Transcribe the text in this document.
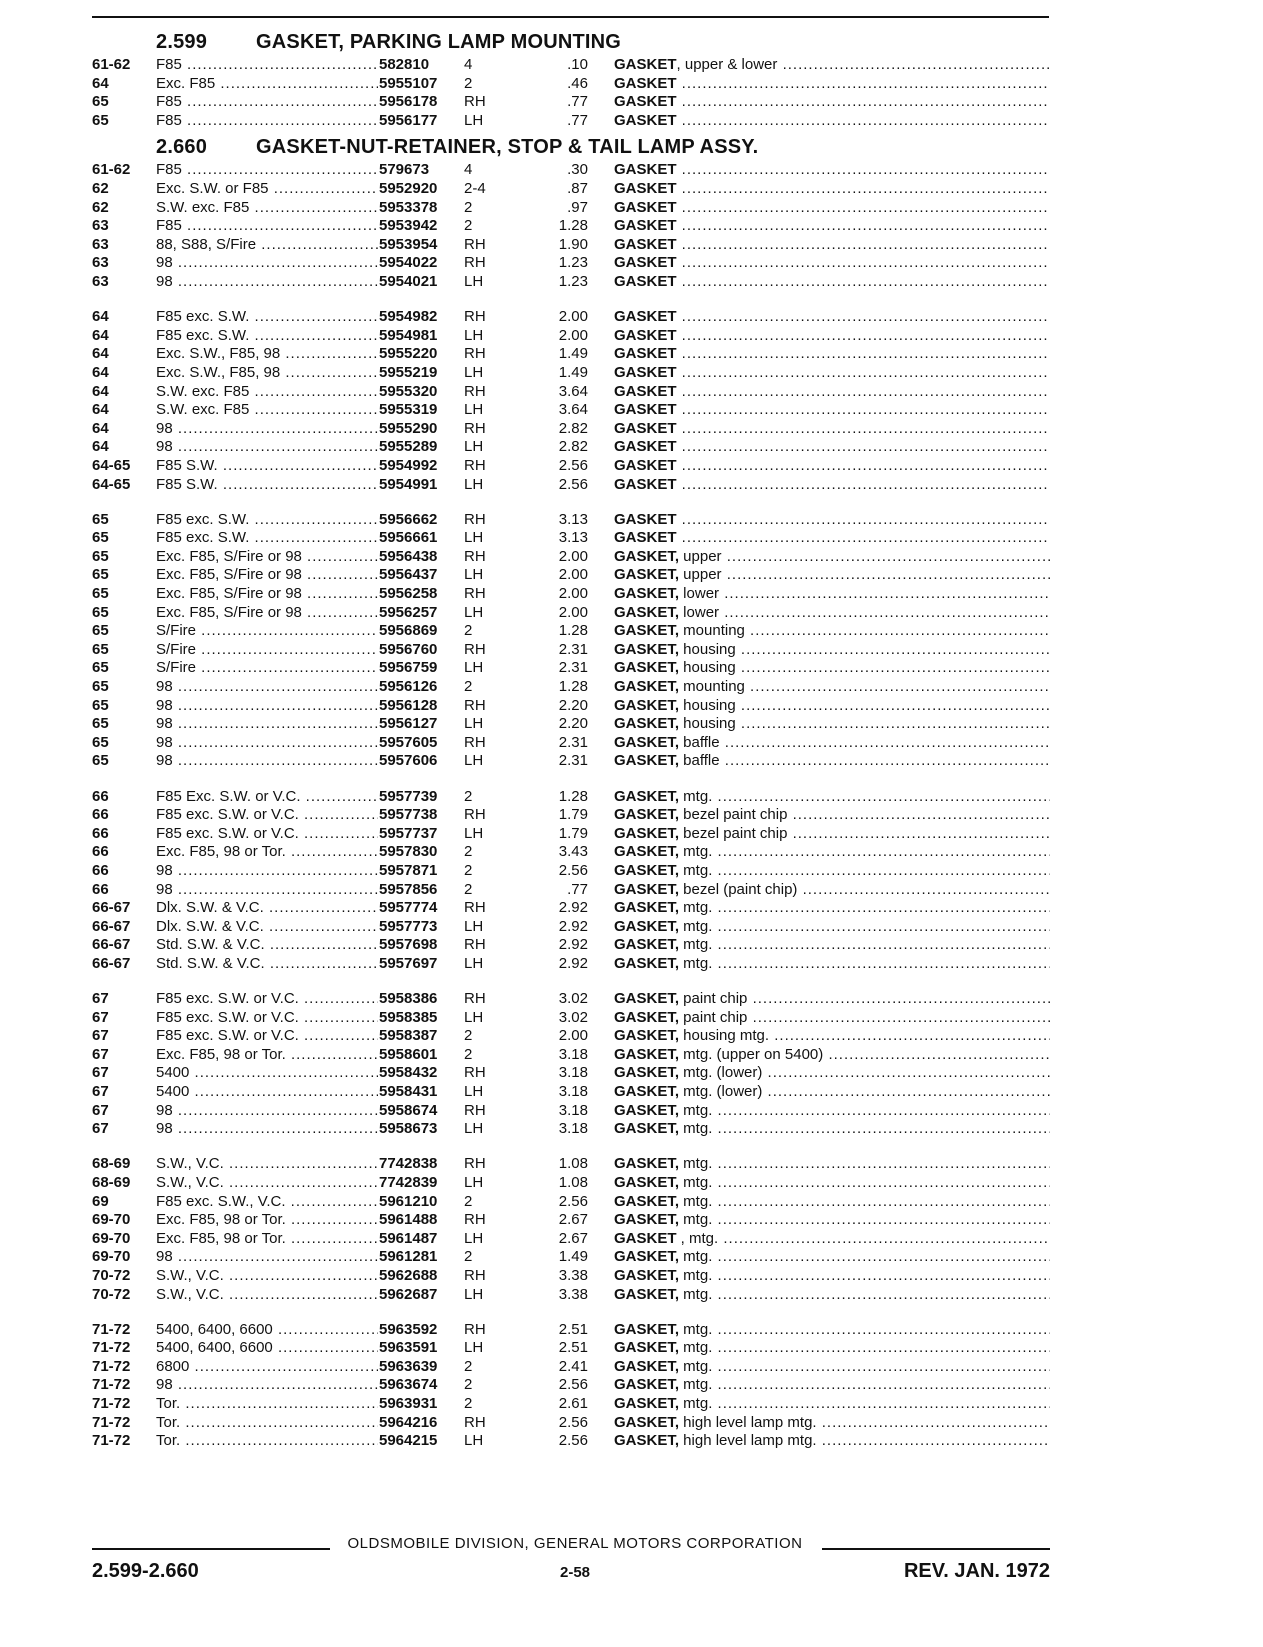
2.599 GASKET, PARKING LAMP MOUNTING
61-62	F85 .....	582810	4	.10 GASKET, upper & lower .....
64	Exc. F85 .....	5955107	2	.46 GASKET .....
65	F85 .....	5956178	RH	.77 GASKET .....
65	F85 .....	5956177	LH	.77 GASKET .....
2.660 GASKET-NUT-RETAINER, STOP & TAIL LAMP ASSY.
61-62	F85 .....	579673	4	.30 GASKET .....
62	Exc. S.W. or F85 .....	5952920	2-4	.87 GASKET .....
62	S.W. exc. F85 .....	5953378	2	.97 GASKET .....
63	F85 .....	5953942	2	1.28 GASKET .....
63	88, S88, S/Fire .....	5953954	RH	1.90 GASKET .....
63	98 .....	5954022	RH	1.23 GASKET .....
63	98 .....	5954021	LH	1.23 GASKET .....
64	F85 exc. S.W. .....	5954982	RH	2.00 GASKET .....
64	F85 exc. S.W. .....	5954981	LH	2.00 GASKET .....
64	Exc. S.W., F85, 98 .....	5955220	RH	1.49 GASKET .....
64	Exc. S.W., F85, 98 .....	5955219	LH	1.49 GASKET .....
64	S.W. exc. F85 .....	5955320	RH	3.64 GASKET .....
64	S.W. exc. F85 .....	5955319	LH	3.64 GASKET .....
64	98 .....	5955290	RH	2.82 GASKET .....
64	98 .....	5955289	LH	2.82 GASKET .....
64-65	F85 S.W. .....	5954992	RH	2.56 GASKET .....
64-65	F85 S.W. .....	5954991	LH	2.56 GASKET .....
65	F85 exc. S.W. .....	5956662	RH	3.13 GASKET .....
65	F85 exc. S.W. .....	5956661	LH	3.13 GASKET .....
65	Exc. F85, S/Fire or 98 .....	5956438	RH	2.00 GASKET, upper .....
65	Exc. F85, S/Fire or 98 .....	5956437	LH	2.00 GASKET, upper .....
65	Exc. F85, S/Fire or 98 .....	5956258	RH	2.00 GASKET, lower .....
65	Exc. F85, S/Fire or 98 .....	5956257	LH	2.00 GASKET, lower .....
65	S/Fire .....	5956869	2	1.28 GASKET, mounting .....
65	S/Fire .....	5956760	RH	2.31 GASKET, housing .....
65	S/Fire .....	5956759	LH	2.31 GASKET, housing .....
65	98 .....	5956126	2	1.28 GASKET, mounting .....
65	98 .....	5956128	RH	2.20 GASKET, housing .....
65	98 .....	5956127	LH	2.20 GASKET, housing .....
65	98 .....	5957605	RH	2.31 GASKET, baffle .....
65	98 .....	5957606	LH	2.31 GASKET, baffle .....
66	F85 Exc. S.W. or V.C. .....	5957739	2	1.28 GASKET, mtg. .....
66	F85 exc. S.W. or V.C. .....	5957738	RH	1.79 GASKET, bezel paint chip .....
66	F85 exc. S.W. or V.C. .....	5957737	LH	1.79 GASKET, bezel paint chip .....
66	Exc. F85, 98 or Tor. .....	5957830	2	3.43 GASKET, mtg. .....
66	98 .....	5957871	2	2.56 GASKET, mtg. .....
66	98 .....	5957856	2	.77 GASKET, bezel (paint chip) .....
66-67	Dlx. S.W. & V.C. .....	5957774	RH	2.92 GASKET, mtg. .....
66-67	Dlx. S.W. & V.C. .....	5957773	LH	2.92 GASKET, mtg. .....
66-67	Std. S.W. & V.C. .....	5957698	RH	2.92 GASKET, mtg. .....
66-67	Std. S.W. & V.C. .....	5957697	LH	2.92 GASKET, mtg. .....
67	F85 exc. S.W. or V.C. .....	5958386	RH	3.02 GASKET, paint chip .....
67	F85 exc. S.W. or V.C. .....	5958385	LH	3.02 GASKET, paint chip .....
67	F85 exc. S.W. or V.C. .....	5958387	2	2.00 GASKET, housing mtg. .....
67	Exc. F85, 98 or Tor. .....	5958601	2	3.18 GASKET, mtg. (upper on 5400) .....
67	5400 .....	5958432	RH	3.18 GASKET, mtg. (lower) .....
67	5400 .....	5958431	LH	3.18 GASKET, mtg. (lower) .....
67	98 .....	5958674	RH	3.18 GASKET, mtg. .....
67	98 .....	5958673	LH	3.18 GASKET, mtg. .....
68-69	S.W., V.C. .....	7742838	RH	1.08 GASKET, mtg. .....
68-69	S.W., V.C. .....	7742839	LH	1.08 GASKET, mtg. .....
69	F85 exc. S.W., V.C. .....	5961210	2	2.56 GASKET, mtg. .....
69-70	Exc. F85, 98 or Tor. .....	5961488	RH	2.67 GASKET, mtg. .....
69-70	Exc. F85, 98 or Tor. .....	5961487	LH	2.67 GASKET , mtg. .....
69-70	98 .....	5961281	2	1.49 GASKET, mtg. .....
70-72	S.W., V.C. .....	5962688	RH	3.38 GASKET, mtg. .....
70-72	S.W., V.C. .....	5962687	LH	3.38 GASKET, mtg. .....
71-72	5400, 6400, 6600 .....	5963592	RH	2.51 GASKET, mtg. .....
71-72	5400, 6400, 6600 .....	5963591	LH	2.51 GASKET, mtg. .....
71-72	6800 .....	5963639	2	2.41 GASKET, mtg. .....
71-72	98 .....	5963674	2	2.56 GASKET, mtg. .....
71-72	Tor. .....	5963931	2	2.61 GASKET, mtg. .....
71-72	Tor. .....	5964216	RH	2.56 GASKET, high level lamp mtg. .....
71-72	Tor. .....	5964215	LH	2.56 GASKET, high level lamp mtg. .....
OLDSMOBILE DIVISION, GENERAL MOTORS CORPORATION
2.599-2.660	2-58	REV. JAN. 1972
